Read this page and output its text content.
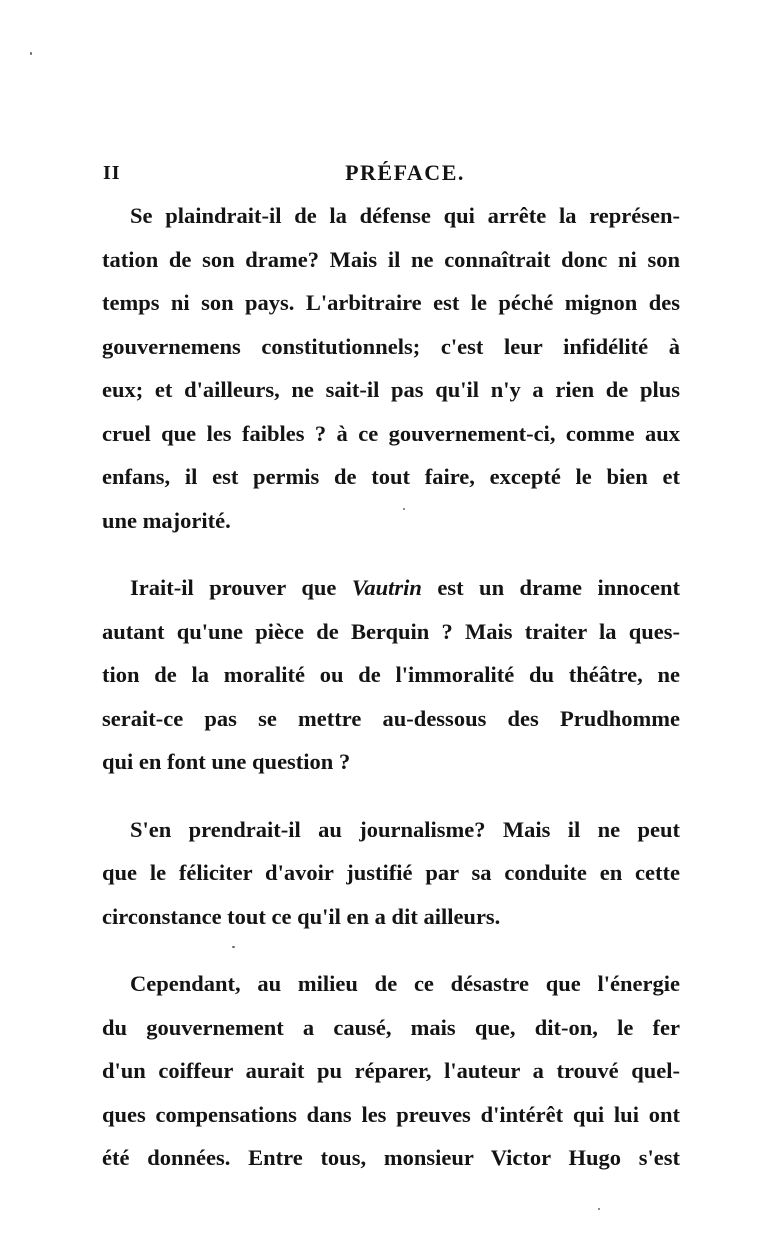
II	PRÉFACE.
Se plaindrait-il de la défense qui arrête la représen-
tation de son drame? Mais il ne connaîtrait donc ni son
temps ni son pays. L'arbitraire est le péché mignon des
gouvernemens constitutionnels; c'est leur infidélité à
eux; et d'ailleurs, ne sait-il pas qu'il n'y a rien de plus
cruel que les faibles ? à ce gouvernement-ci, comme aux
enfans, il est permis de tout faire, excepté le bien et
une majorité.
Irait-il prouver que Vautrin est un drame innocent
autant qu'une pièce de Berquin ? Mais traiter la ques-
tion de la moralité ou de l'immoralité du théâtre, ne
serait-ce pas se mettre au-dessous des Prudhomme
qui en font une question ?
S'en prendrait-il au journalisme? Mais il ne peut
que le féliciter d'avoir justifié par sa conduite en cette
circonstance tout ce qu'il en a dit ailleurs.
Cependant, au milieu de ce désastre que l'énergie
du gouvernement a causé, mais que, dit-on, le fer
d'un coiffeur aurait pu réparer, l'auteur a trouvé quel-
ques compensations dans les preuves d'intérêt qui lui ont
été données. Entre tous, monsieur Victor Hugo s'est
